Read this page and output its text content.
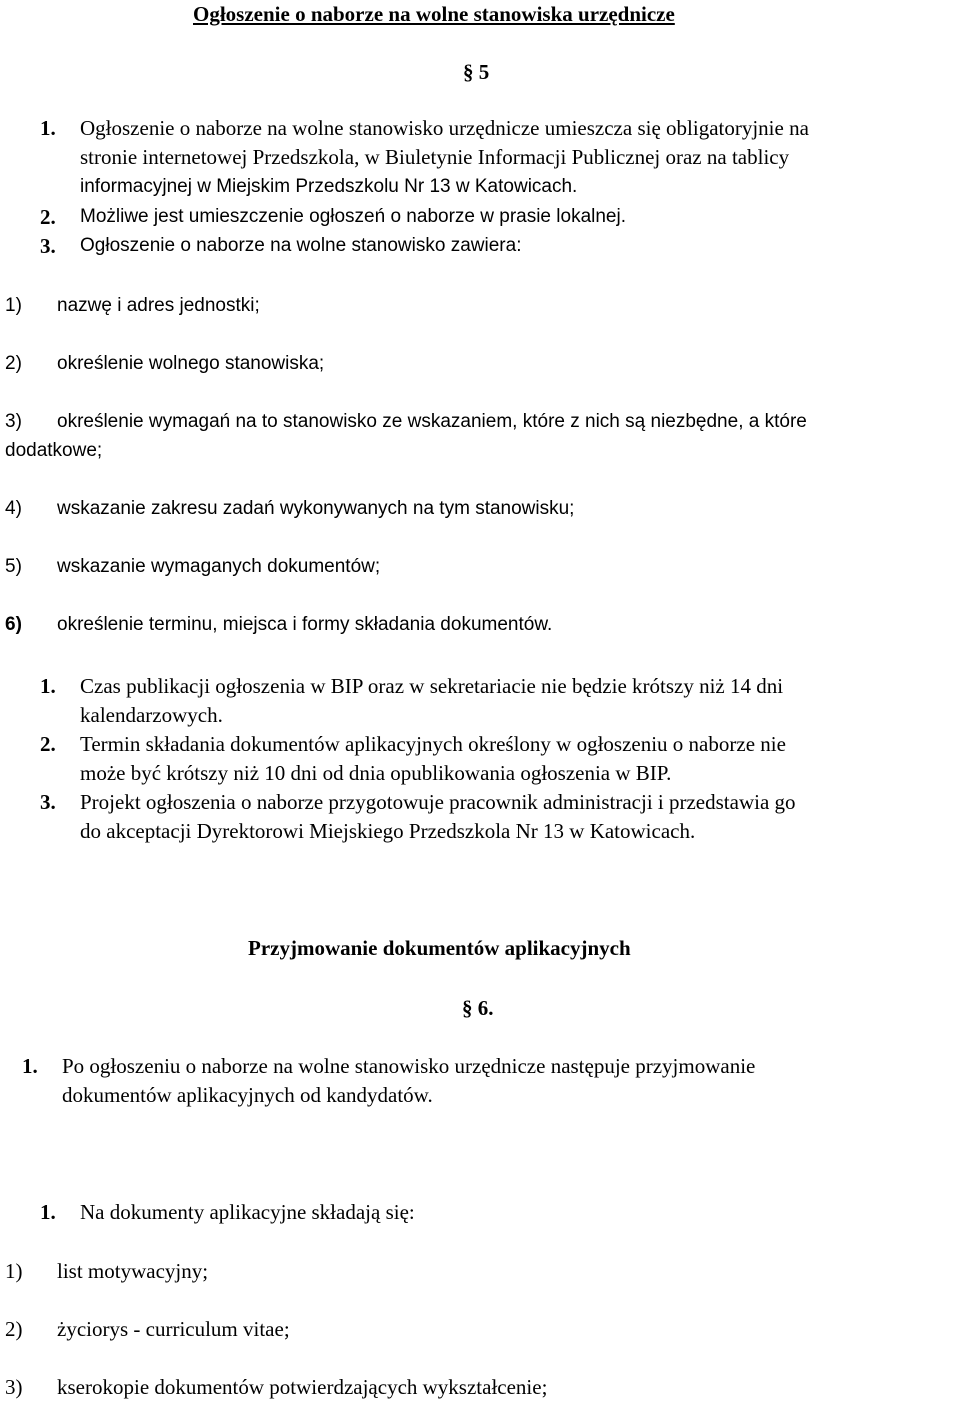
Ogłoszenie o naborze na wolne stanowiska urzędnicze
§ 5
1. Ogłoszenie o naborze na wolne stanowisko urzędnicze umieszcza się obligatoryjnie na
stronie internetowej Przedszkola, w Biuletynie Informacji Publicznej oraz na tablicy
informacyjnej w Miejskim Przedszkolu Nr 13 w Katowicach.
2. Możliwe jest umieszczenie ogłoszeń o naborze w prasie lokalnej.
3. Ogłoszenie o naborze na wolne stanowisko zawiera:
1) nazwę i adres jednostki;
2) określenie wolnego stanowiska;
3) określenie wymagań na to stanowisko ze wskazaniem, które z nich są niezbędne, a które
dodatkowe;
4) wskazanie zakresu zadań wykonywanych na tym stanowisku;
5) wskazanie wymaganych dokumentów;
6) określenie terminu, miejsca i formy składania dokumentów.
1. Czas publikacji ogłoszenia w BIP oraz w sekretariacie nie będzie krótszy niż 14 dni
kalendarzowych.
2. Termin składania dokumentów aplikacyjnych określony w ogłoszeniu o naborze nie
może być krótszy niż 10 dni od dnia opublikowania ogłoszenia w BIP.
3. Projekt ogłoszenia o naborze przygotowuje pracownik administracji i przedstawia go
do akceptacji Dyrektorowi Miejskiego Przedszkola Nr 13 w Katowicach.
Przyjmowanie dokumentów aplikacyjnych
§ 6.
1. Po ogłoszeniu o naborze na wolne stanowisko urzędnicze następuje przyjmowanie
dokumentów aplikacyjnych od kandydatów.
1. Na dokumenty aplikacyjne składają się:
1) list motywacyjny;
2) życiorys - curriculum vitae;
3) kserokopie dokumentów potwierdzających wykształcenie;
